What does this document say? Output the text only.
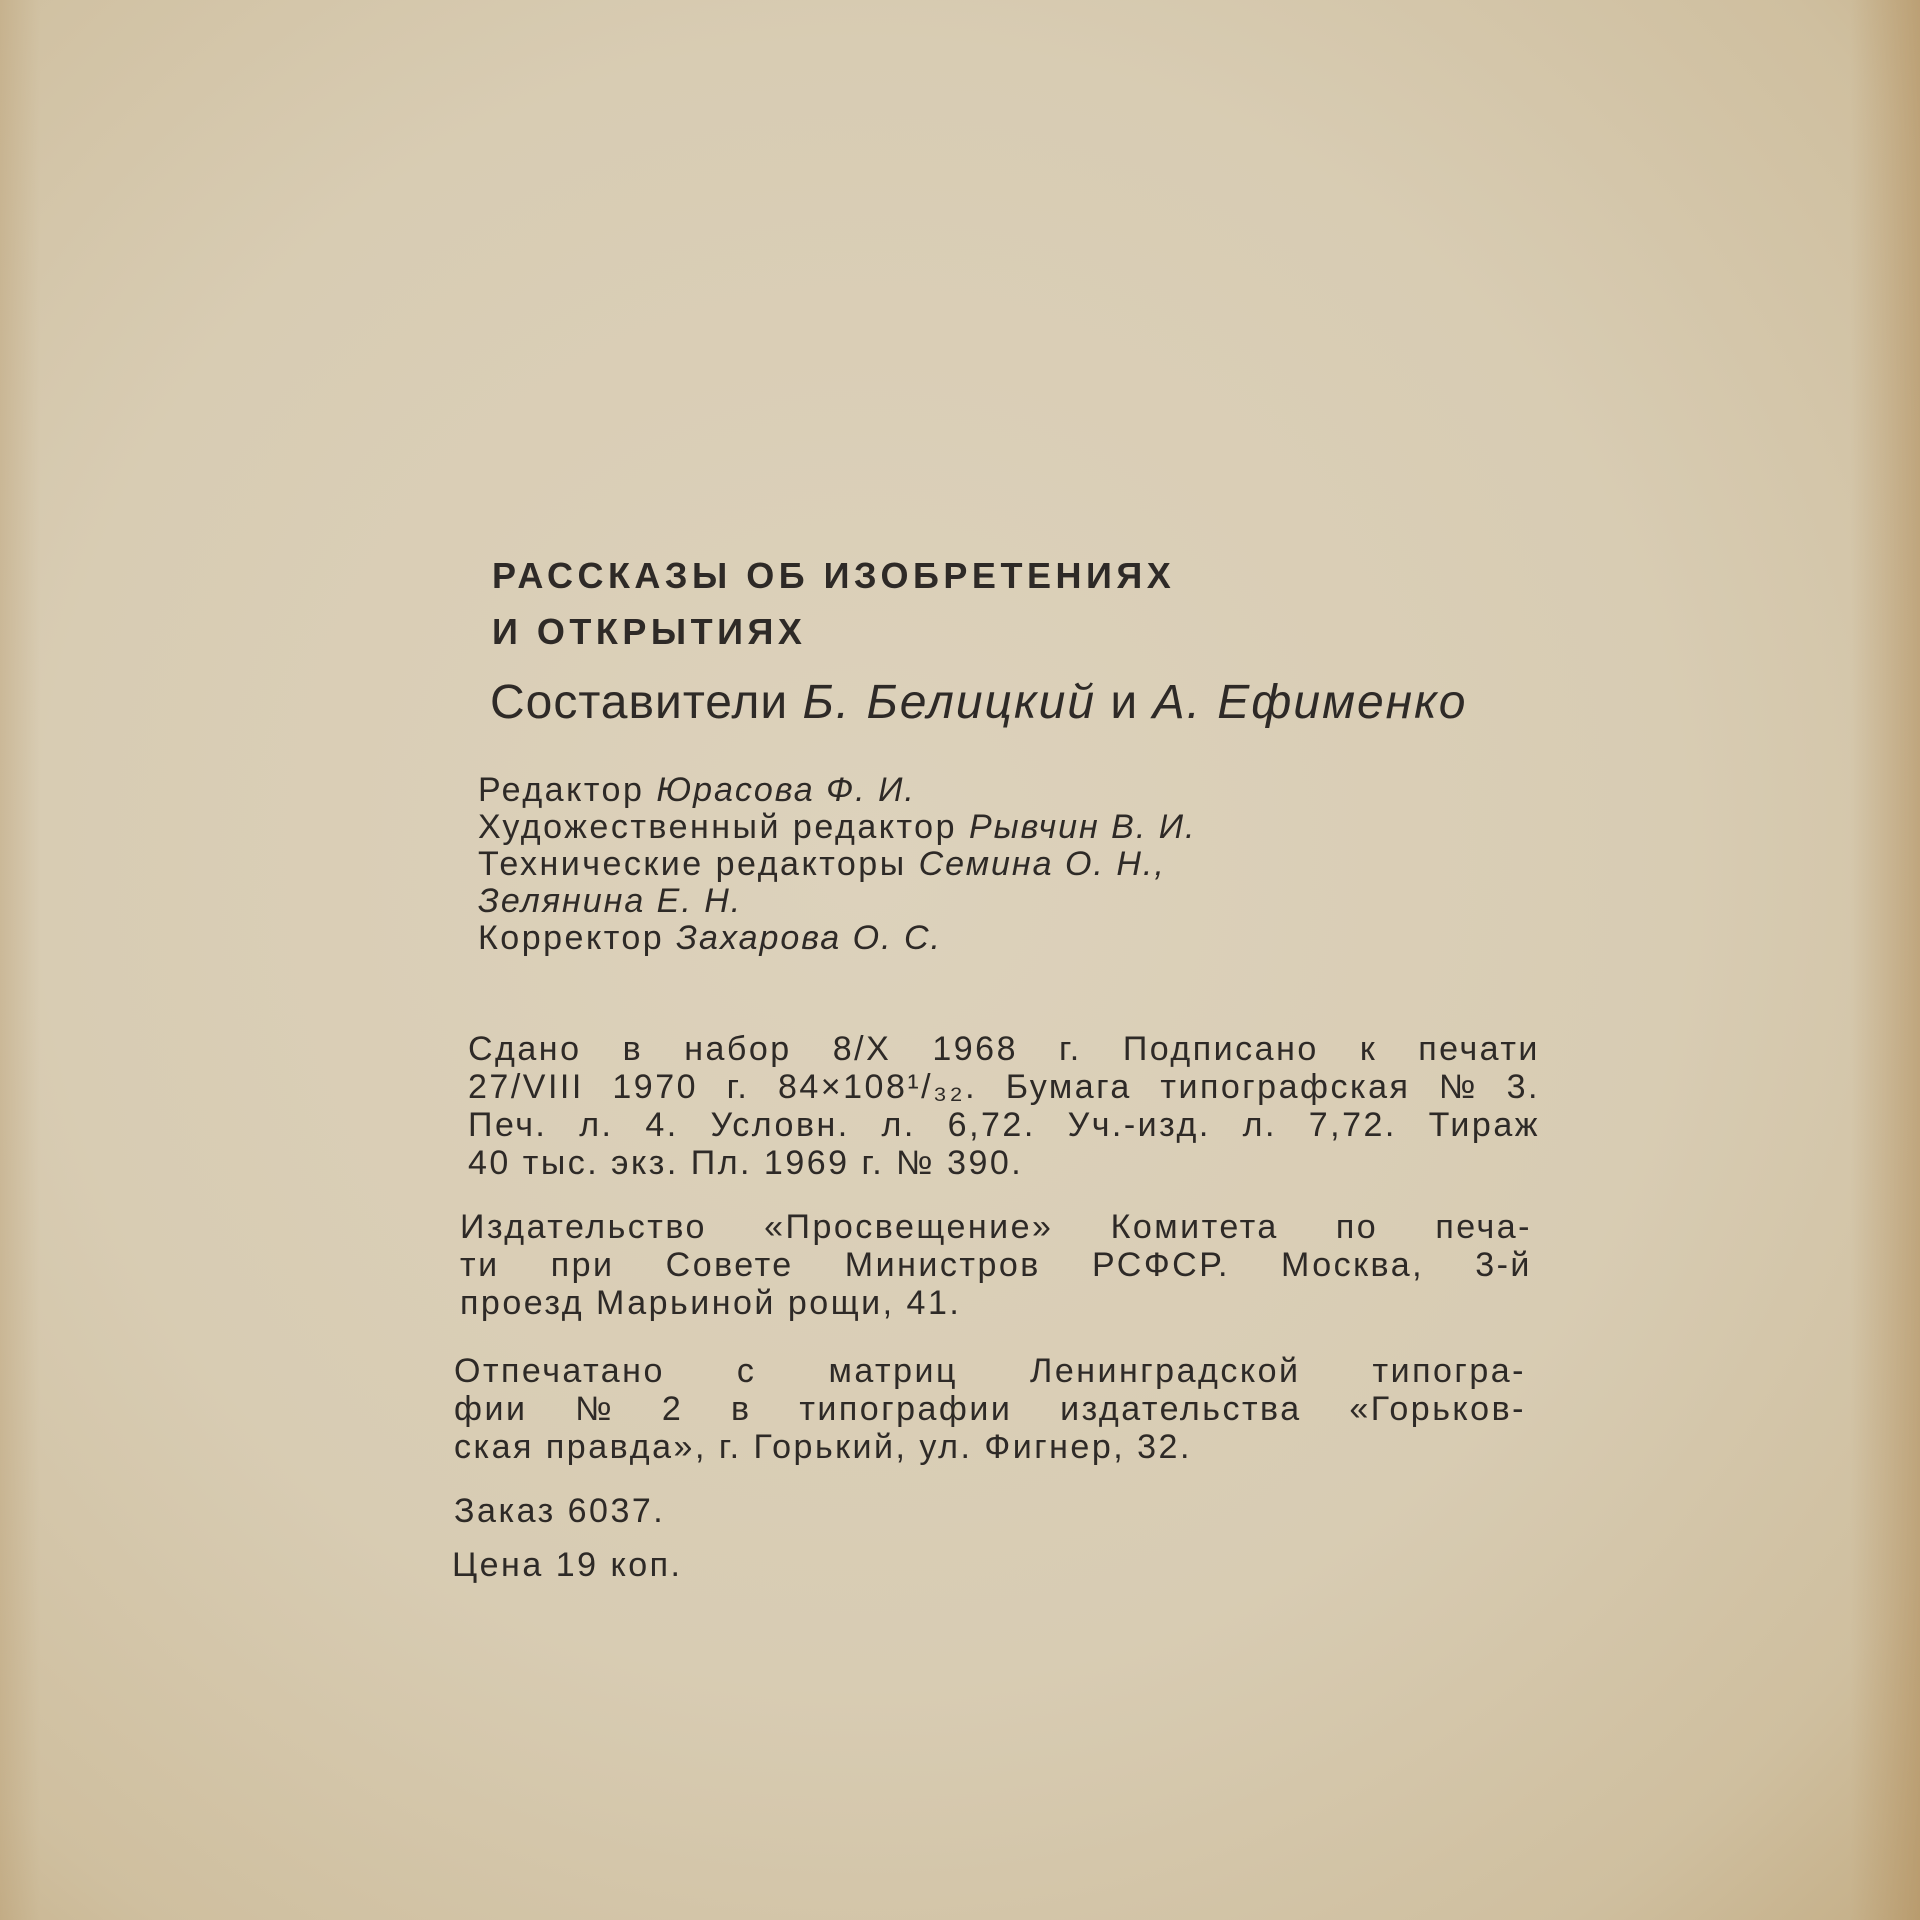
РАССКАЗЫ ОБ ИЗОБРЕТЕНИЯХ
И ОТКРЫТИЯХ
Составители Б. Белицкий и А. Ефименко
Редактор Юрасова Ф. И.
Художественный редактор Рывчин В. И.
Технические редакторы Семина О. Н.,
Зелянина Е. Н.
Корректор Захарова О. С.
Сдано в набор 8/X 1968 г. Подписано к печати
27/VIII 1970 г. 84×108¹/₃₂. Бумага типографская № 3.
Печ. л. 4. Условн. л. 6,72. Уч.-изд. л. 7,72. Тираж
40 тыс. экз. Пл. 1969 г. № 390.
Издательство «Просвещение» Комитета по печа-
ти при Совете Министров РСФСР. Москва, 3-й
проезд Марьиной рощи, 41.
Отпечатано с матриц Ленинградской типогра-
фии № 2 в типографии издательства «Горьков-
ская правда», г. Горький, ул. Фигнер, 32.
Заказ 6037.
Цена 19 коп.
